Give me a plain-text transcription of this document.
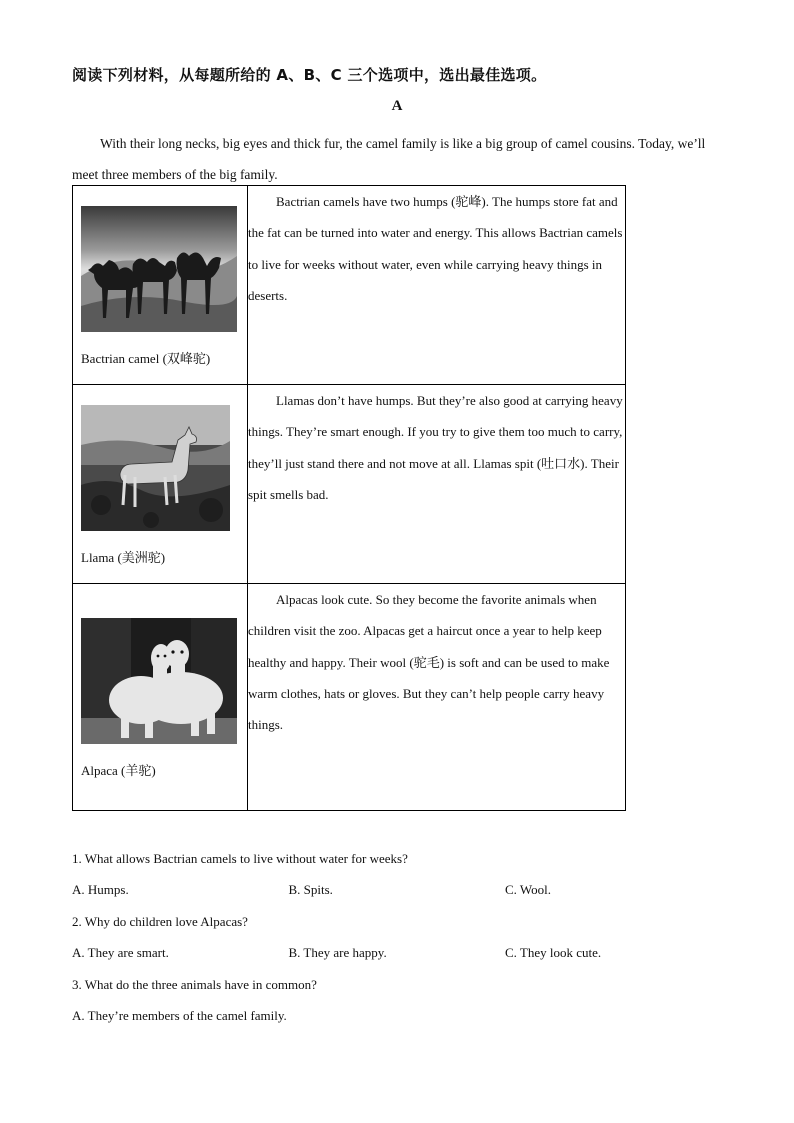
阅读下列材料，从每题所给的 A、B、C 三个选项中，选出最佳选项。
A

With their long necks, big eyes and thick fur, the camel family is like a big group of camel cousins. Today, we’ll meet three members of the big family.

Bactrian camel (双峰驼)	Bactrian camels have two humps (驼峰). The humps store fat and the fat can be turned into water and energy. This allows Bactrian camels to live for weeks without water, even while carrying heavy things in deserts.

Llama (美洲驼)	Llamas don’t have humps. But they’re also good at carrying heavy things. They’re smart enough. If you try to give them too much to carry, they’ll just stand there and not move at all. Llamas spit (吐口水). Their spit smells bad.

Alpaca (羊驼)	Alpacas look cute. So they become the favorite animals when children visit the zoo. Alpacas get a haircut once a year to help keep healthy and happy. Their wool (驼毛) is soft and can be used to make warm clothes, hats or gloves. But they can’t help people carry heavy things.

1. What allows Bactrian camels to live without water for weeks?
A. Humps.	B. Spits.	C. Wool.
2. Why do children love Alpacas?
A. They are smart.	B. They are happy.	C. They look cute.
3. What do the three animals have in common?
A. They’re members of the camel family.
